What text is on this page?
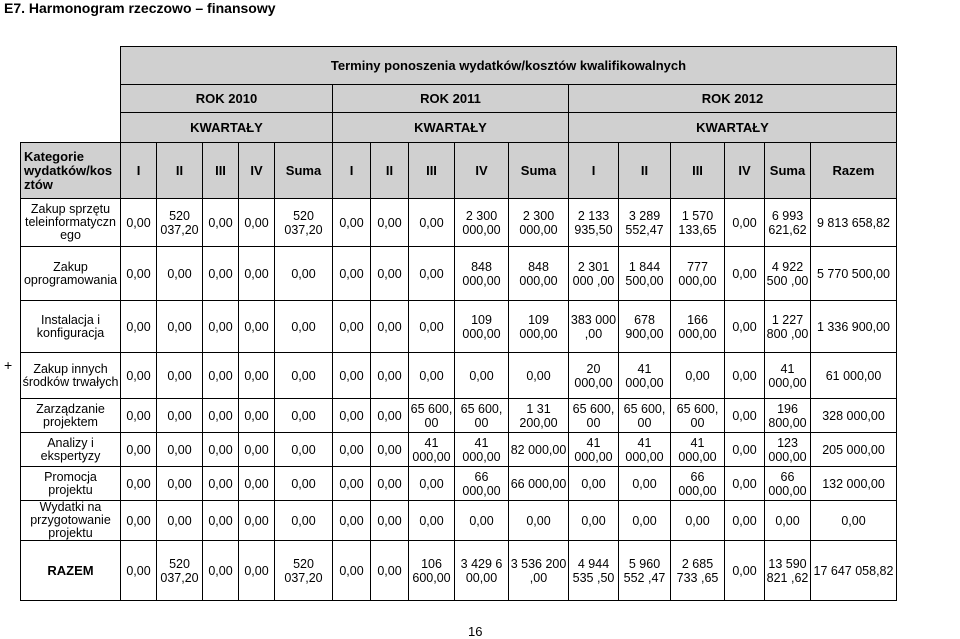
E7. Harmonogram rzeczowo – finansowy
+
16
	Terminy ponoszenia wydatków/kosztów kwalifikowalnych															
	ROK 2010					ROK 2011					ROK 2012					
	KWARTAŁY					KWARTAŁY					KWARTAŁY					
Kategorie wydatków/kos ztów	I	II	III	IV	Suma	I	II	III	IV	Suma	I	II	III	IV	Suma	Razem
Zakup sprzętu teleinformatyczn ego	0,00	520 037,20	0,00	0,00	520 037,20	0,00	0,00	0,00	2 300 000,00	2 300 000,00	2 133 935,50	3 289 552,47	1 570 133,65	0,00	6 993 621,62	9 813 658,82
Zakup oprogramowania	0,00	0,00	0,00	0,00	0,00	0,00	0,00	0,00	848 000,00	848 000,00	2 301 000 ,00	1 844 500,00	777 000,00	0,00	4 922 500 ,00	5 770 500,00
Instalacja i konfiguracja	0,00	0,00	0,00	0,00	0,00	0,00	0,00	0,00	109 000,00	109 000,00	383 000 ,00	678 900,00	166 000,00	0,00	1 227 800 ,00	1 336 900,00
Zakup innych środków trwałych	0,00	0,00	0,00	0,00	0,00	0,00	0,00	0,00	0,00	0,00	20 000,00	41 000,00	0,00	0,00	41 000,00	61 000,00
Zarządzanie projektem	0,00	0,00	0,00	0,00	0,00	0,00	0,00	65 600, 00	65 600, 00	1 31 200,00	65 600, 00	65 600, 00	65 600, 00	0,00	196 800,00	328 000,00
Analizy i ekspertyzy	0,00	0,00	0,00	0,00	0,00	0,00	0,00	41 000,00	41 000,00	82 000,00	41 000,00	41 000,00	41 000,00	0,00	123 000,00	205 000,00
Promocja projektu	0,00	0,00	0,00	0,00	0,00	0,00	0,00	0,00	66 000,00	66 000,00	0,00	0,00	66 000,00	0,00	66 000,00	132 000,00
Wydatki na przygotowanie projektu	0,00	0,00	0,00	0,00	0,00	0,00	0,00	0,00	0,00	0,00	0,00	0,00	0,00	0,00	0,00	0,00
RAZEM	0,00	520 037,20	0,00	0,00	520 037,20	0,00	0,00	106 600,00	3 429 6 00,00	3 536 200 ,00	4 944 535 ,50	5 960 552 ,47	2 685 733 ,65	0,00	13 590 821 ,62	17 647 058,82
